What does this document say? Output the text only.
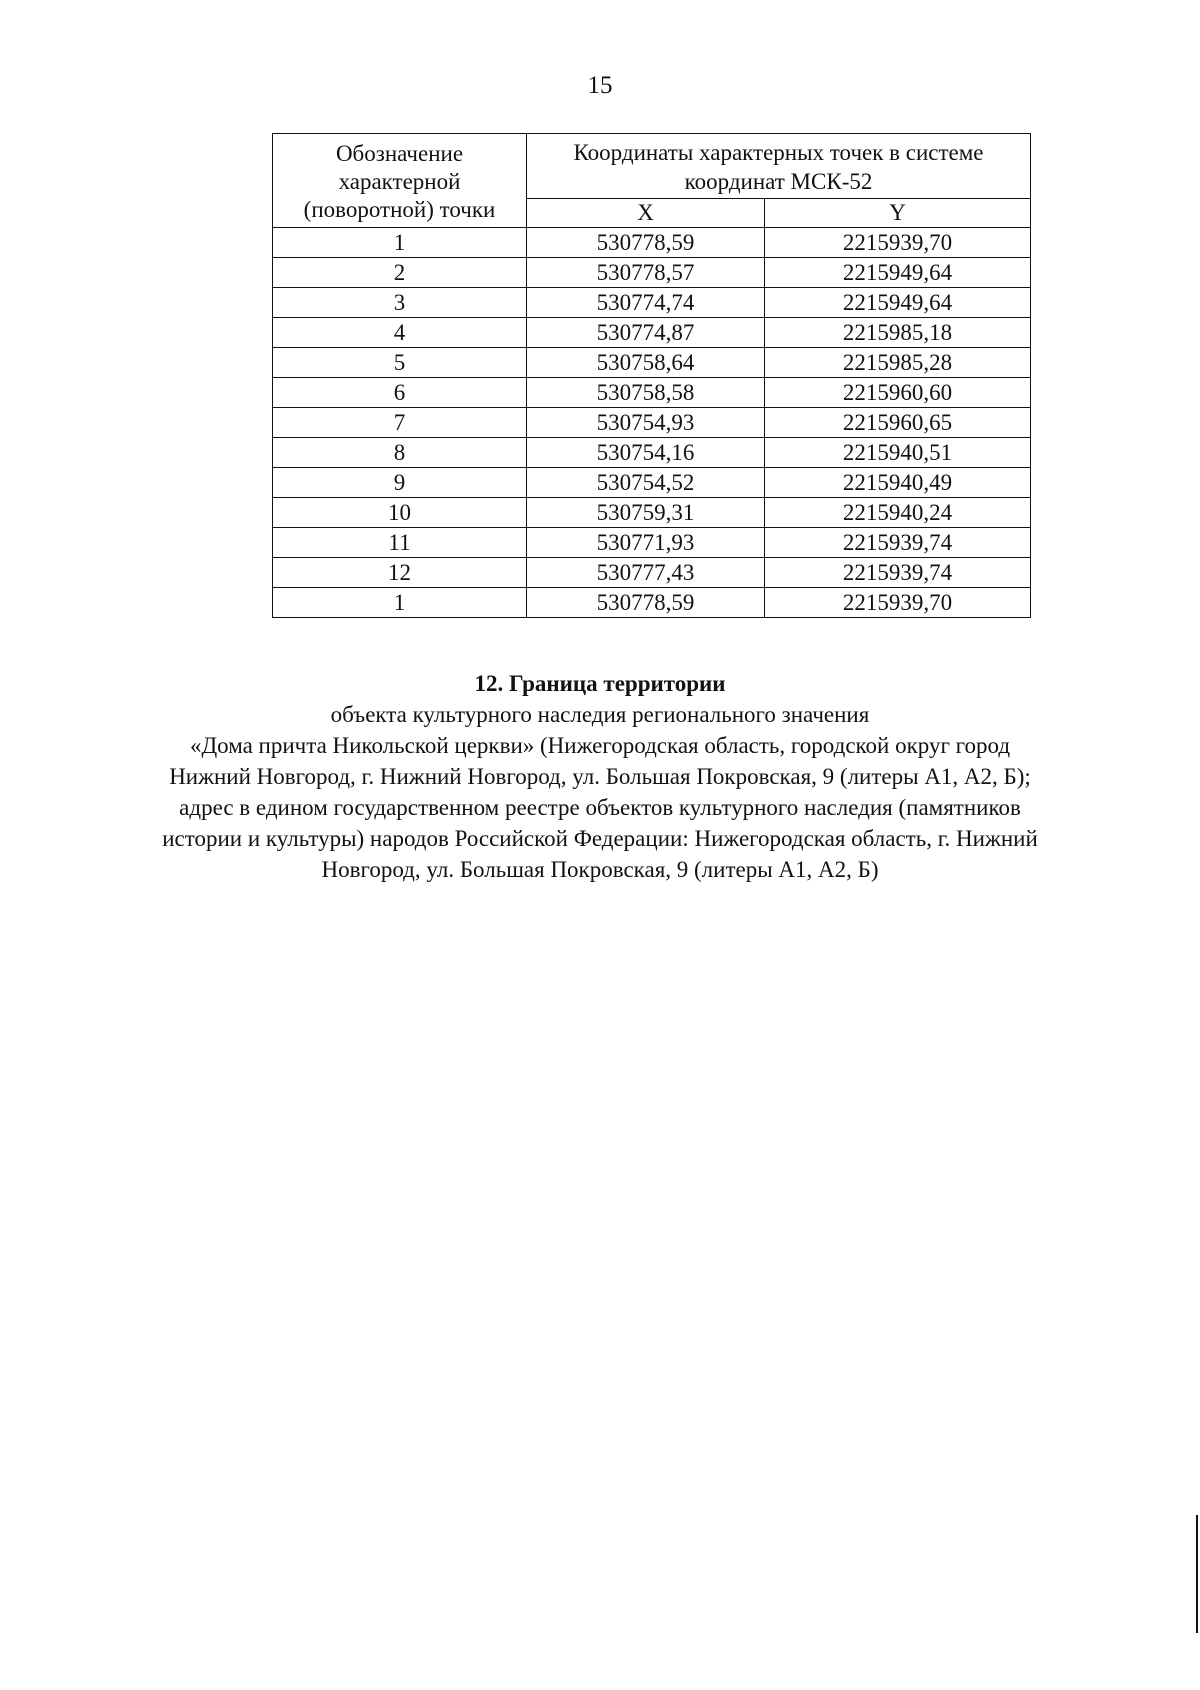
15
Обозначение характерной (поворотной) точки	Координаты характерных точек в системе координат МСК-52	
	X	Y
1	530778,59	2215939,70
2	530778,57	2215949,64
3	530774,74	2215949,64
4	530774,87	2215985,18
5	530758,64	2215985,28
6	530758,58	2215960,60
7	530754,93	2215960,65
8	530754,16	2215940,51
9	530754,52	2215940,49
10	530759,31	2215940,24
11	530771,93	2215939,74
12	530777,43	2215939,74
1	530778,59	2215939,70
12. Граница территории
объекта культурного наследия регионального значения
«Дома причта Никольской церкви» (Нижегородская область, городской округ город
Нижний Новгород, г. Нижний Новгород, ул. Большая Покровская, 9 (литеры А1, А2, Б);
адрес в едином государственном реестре объектов культурного наследия (памятников
истории и культуры) народов Российской Федерации: Нижегородская область, г. Нижний
Новгород, ул. Большая Покровская, 9 (литеры А1, А2, Б)
